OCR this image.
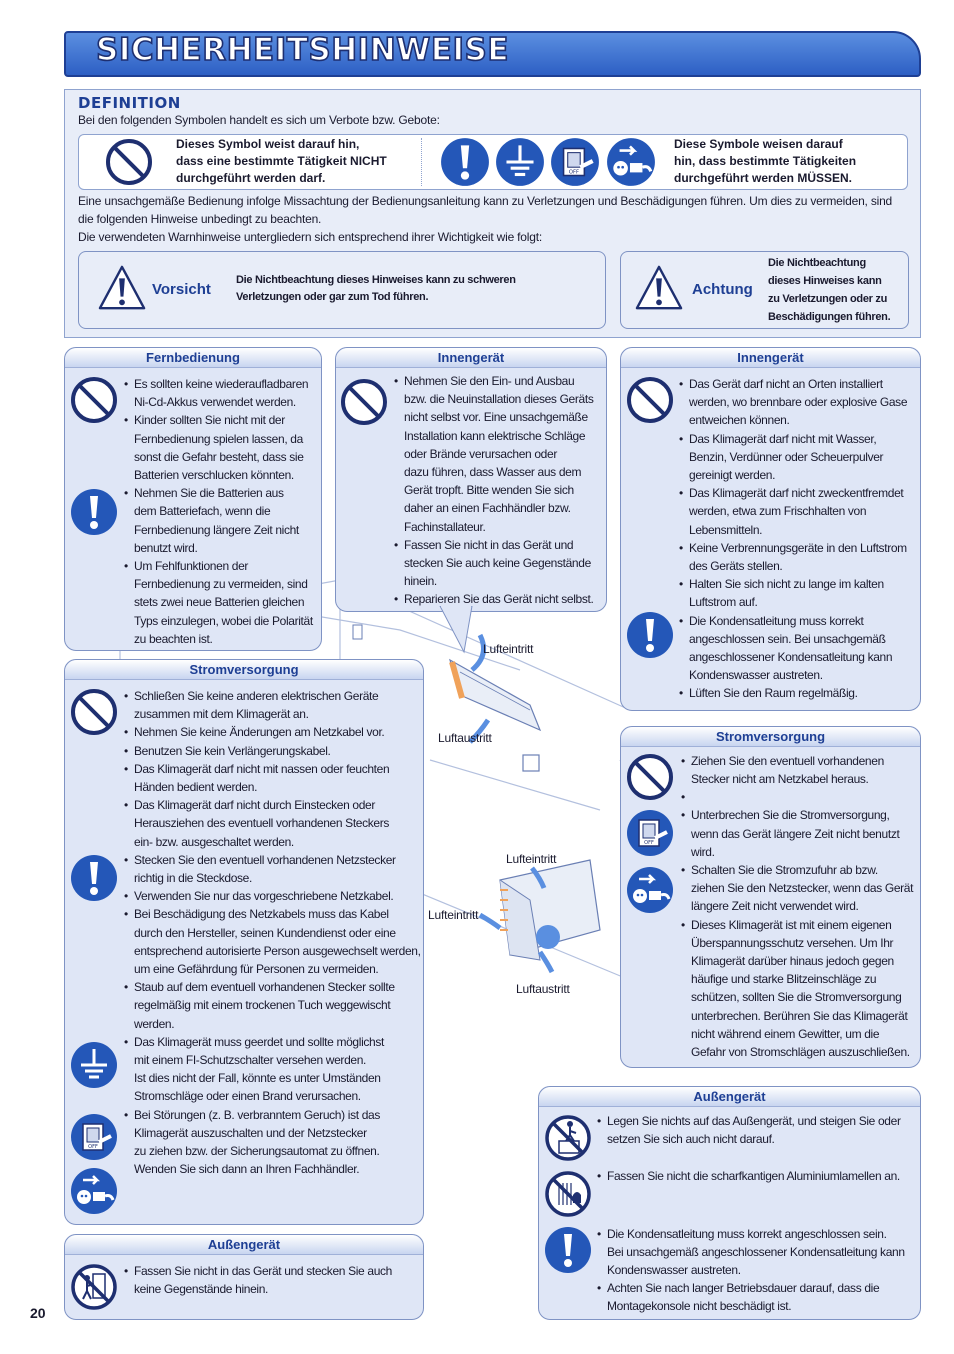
SICHERHEITSHINWEISE
DEFINITION
Bei den folgenden Symbolen handelt es sich um Verbote bzw. Gebote:
Dieses Symbol weist darauf hin,
dass eine bestimmte Tätigkeit NICHT
durchgeführt werden darf.
Diese Symbole weisen darauf
hin, dass bestimmte Tätigkeiten
durchgeführt werden MÜSSEN.
Eine unsachgemäße Bedienung infolge Missachtung der Bedienungsanleitung kann zu Verletzungen und Beschädigungen führen. Um dies zu vermeiden, sind
die folgenden Hinweise unbedingt zu beachten.
Die verwendeten Warnhinweise untergliedern sich entsprechend ihrer Wichtigkeit wie folgt:
Vorsicht
Die Nichtbeachtung dieses Hinweises kann zu schweren
Verletzungen oder gar zum Tod führen.	Achtung
Die Nichtbeachtung
dieses Hinweises kann
zu Verletzungen oder zu
Beschädigungen führen.
Lufteintritt
Luftaustritt
Lufteintritt
Lufteintritt
Luftaustritt
Fernbedienung
• Es sollten keine wiederaufladbaren
Ni-Cd-Akkus verwendet werden.
• Kinder sollten Sie nicht mit der
Fernbedienung spielen lassen, da
sonst die Gefahr besteht, dass sie
Batterien verschlucken könnten.
• Nehmen Sie die Batterien aus
dem Batteriefach, wenn die
Fernbedienung längere Zeit nicht
benutzt wird.
• Um Fehlfunktionen der
Fernbedienung zu vermeiden, sind
stets zwei neue Batterien gleichen
Typs einzulegen, wobei die Polarität
zu beachten ist.
Innengerät
• Nehmen Sie den Ein- und Ausbau
bzw. die Neuinstallation dieses Geräts
nicht selbst vor. Eine unsachgemäße
Installation kann elektrische Schläge
oder Brände verursachen oder
dazu führen, dass Wasser aus dem
Gerät tropft. Bitte wenden Sie sich
daher an einen Fachhändler bzw.
Fachinstallateur.
• Fassen Sie nicht in das Gerät und
stecken Sie auch keine Gegenstände
hinein.
• Reparieren Sie das Gerät nicht selbst.
Innengerät
• Das Gerät darf nicht an Orten installiert
werden, wo brennbare oder explosive Gase
entweichen können.
• Das Klimagerät darf nicht mit Wasser,
Benzin, Verdünner oder Scheuerpulver
gereinigt werden.
• Das Klimagerät darf nicht zweckentfremdet
werden, etwa zum Frischhalten von
Lebensmitteln.
• Keine Verbrennungsgeräte in den Luftstrom
des Geräts stellen.
• Halten Sie sich nicht zu lange im kalten
Luftstrom auf.
• Die Kondensatleitung muss korrekt
angeschlossen sein. Bei unsachgemäß
angeschlossener Kondensatleitung kann
Kondenswasser austreten.
• Lüften Sie den Raum regelmäßig.
Stromversorgung
• Schließen Sie keine anderen elektrischen Geräte
zusammen mit dem Klimagerät an.
• Nehmen Sie keine Änderungen am Netzkabel vor.
• Benutzen Sie kein Verlängerungskabel.
• Das Klimagerät darf nicht mit nassen oder feuchten
Händen bedient werden.
• Das Klimagerät darf nicht durch Einstecken oder
Herausziehen des eventuell vorhandenen Steckers
ein- bzw. ausgeschaltet werden.
• Stecken Sie den eventuell vorhandenen Netzstecker
richtig in die Steckdose.
• Verwenden Sie nur das vorgeschriebene Netzkabel.
• Bei Beschädigung des Netzkabels muss das Kabel
durch den Hersteller, seinen Kundendienst oder eine
entsprechend autorisierte Person ausgewechselt werden,
um eine Gefährdung für Personen zu vermeiden.
• Staub auf dem eventuell vorhandenen Stecker sollte
regelmäßig mit einem trockenen Tuch weggewischt
werden.
• Das Klimagerät muss geerdet und sollte möglichst
mit einem FI-Schutzschalter versehen werden.
Ist dies nicht der Fall, könnte es unter Umständen
Stromschläge oder einen Brand verursachen.
• Bei Störungen (z. B. verbranntem Geruch) ist das
Klimagerät auszuschalten und der Netzstecker
zu ziehen bzw. der Sicherungsautomat zu öffnen.
Wenden Sie sich dann an Ihren Fachhändler.
Außengerät
• Fassen Sie nicht in das Gerät und stecken Sie auch
keine Gegenstände hinein.
Stromversorgung
• Ziehen Sie den eventuell vorhandenen
Stecker nicht am Netzkabel heraus.
•
• Unterbrechen Sie die Stromversorgung,
wenn das Gerät längere Zeit nicht benutzt
wird.
• Schalten Sie die Stromzufuhr ab bzw.
ziehen Sie den Netzstecker, wenn das Gerät
längere Zeit nicht verwendet wird.
• Dieses Klimagerät ist mit einem eigenen
Überspannungsschutz versehen. Um Ihr
Klimagerät darüber hinaus jedoch gegen
häufige und starke Blitzeinschläge zu
schützen, sollten Sie die Stromversorgung
unterbrechen. Berühren Sie das Klimagerät
nicht während einem Gewitter, um die
Gefahr von Stromschlägen auszuschließen.
Außengerät
• Legen Sie nichts auf das Außengerät, und steigen Sie oder
setzen Sie sich auch nicht darauf.
• Fassen Sie nicht die scharfkantigen Aluminiumlamellen an.
• Die Kondensatleitung muss korrekt angeschlossen sein.
Bei unsachgemäß angeschlossener Kondensatleitung kann
Kondenswasser austreten.
• Achten Sie nach langer Betriebsdauer darauf, dass die
Montagekonsole nicht beschädigt ist.
20
